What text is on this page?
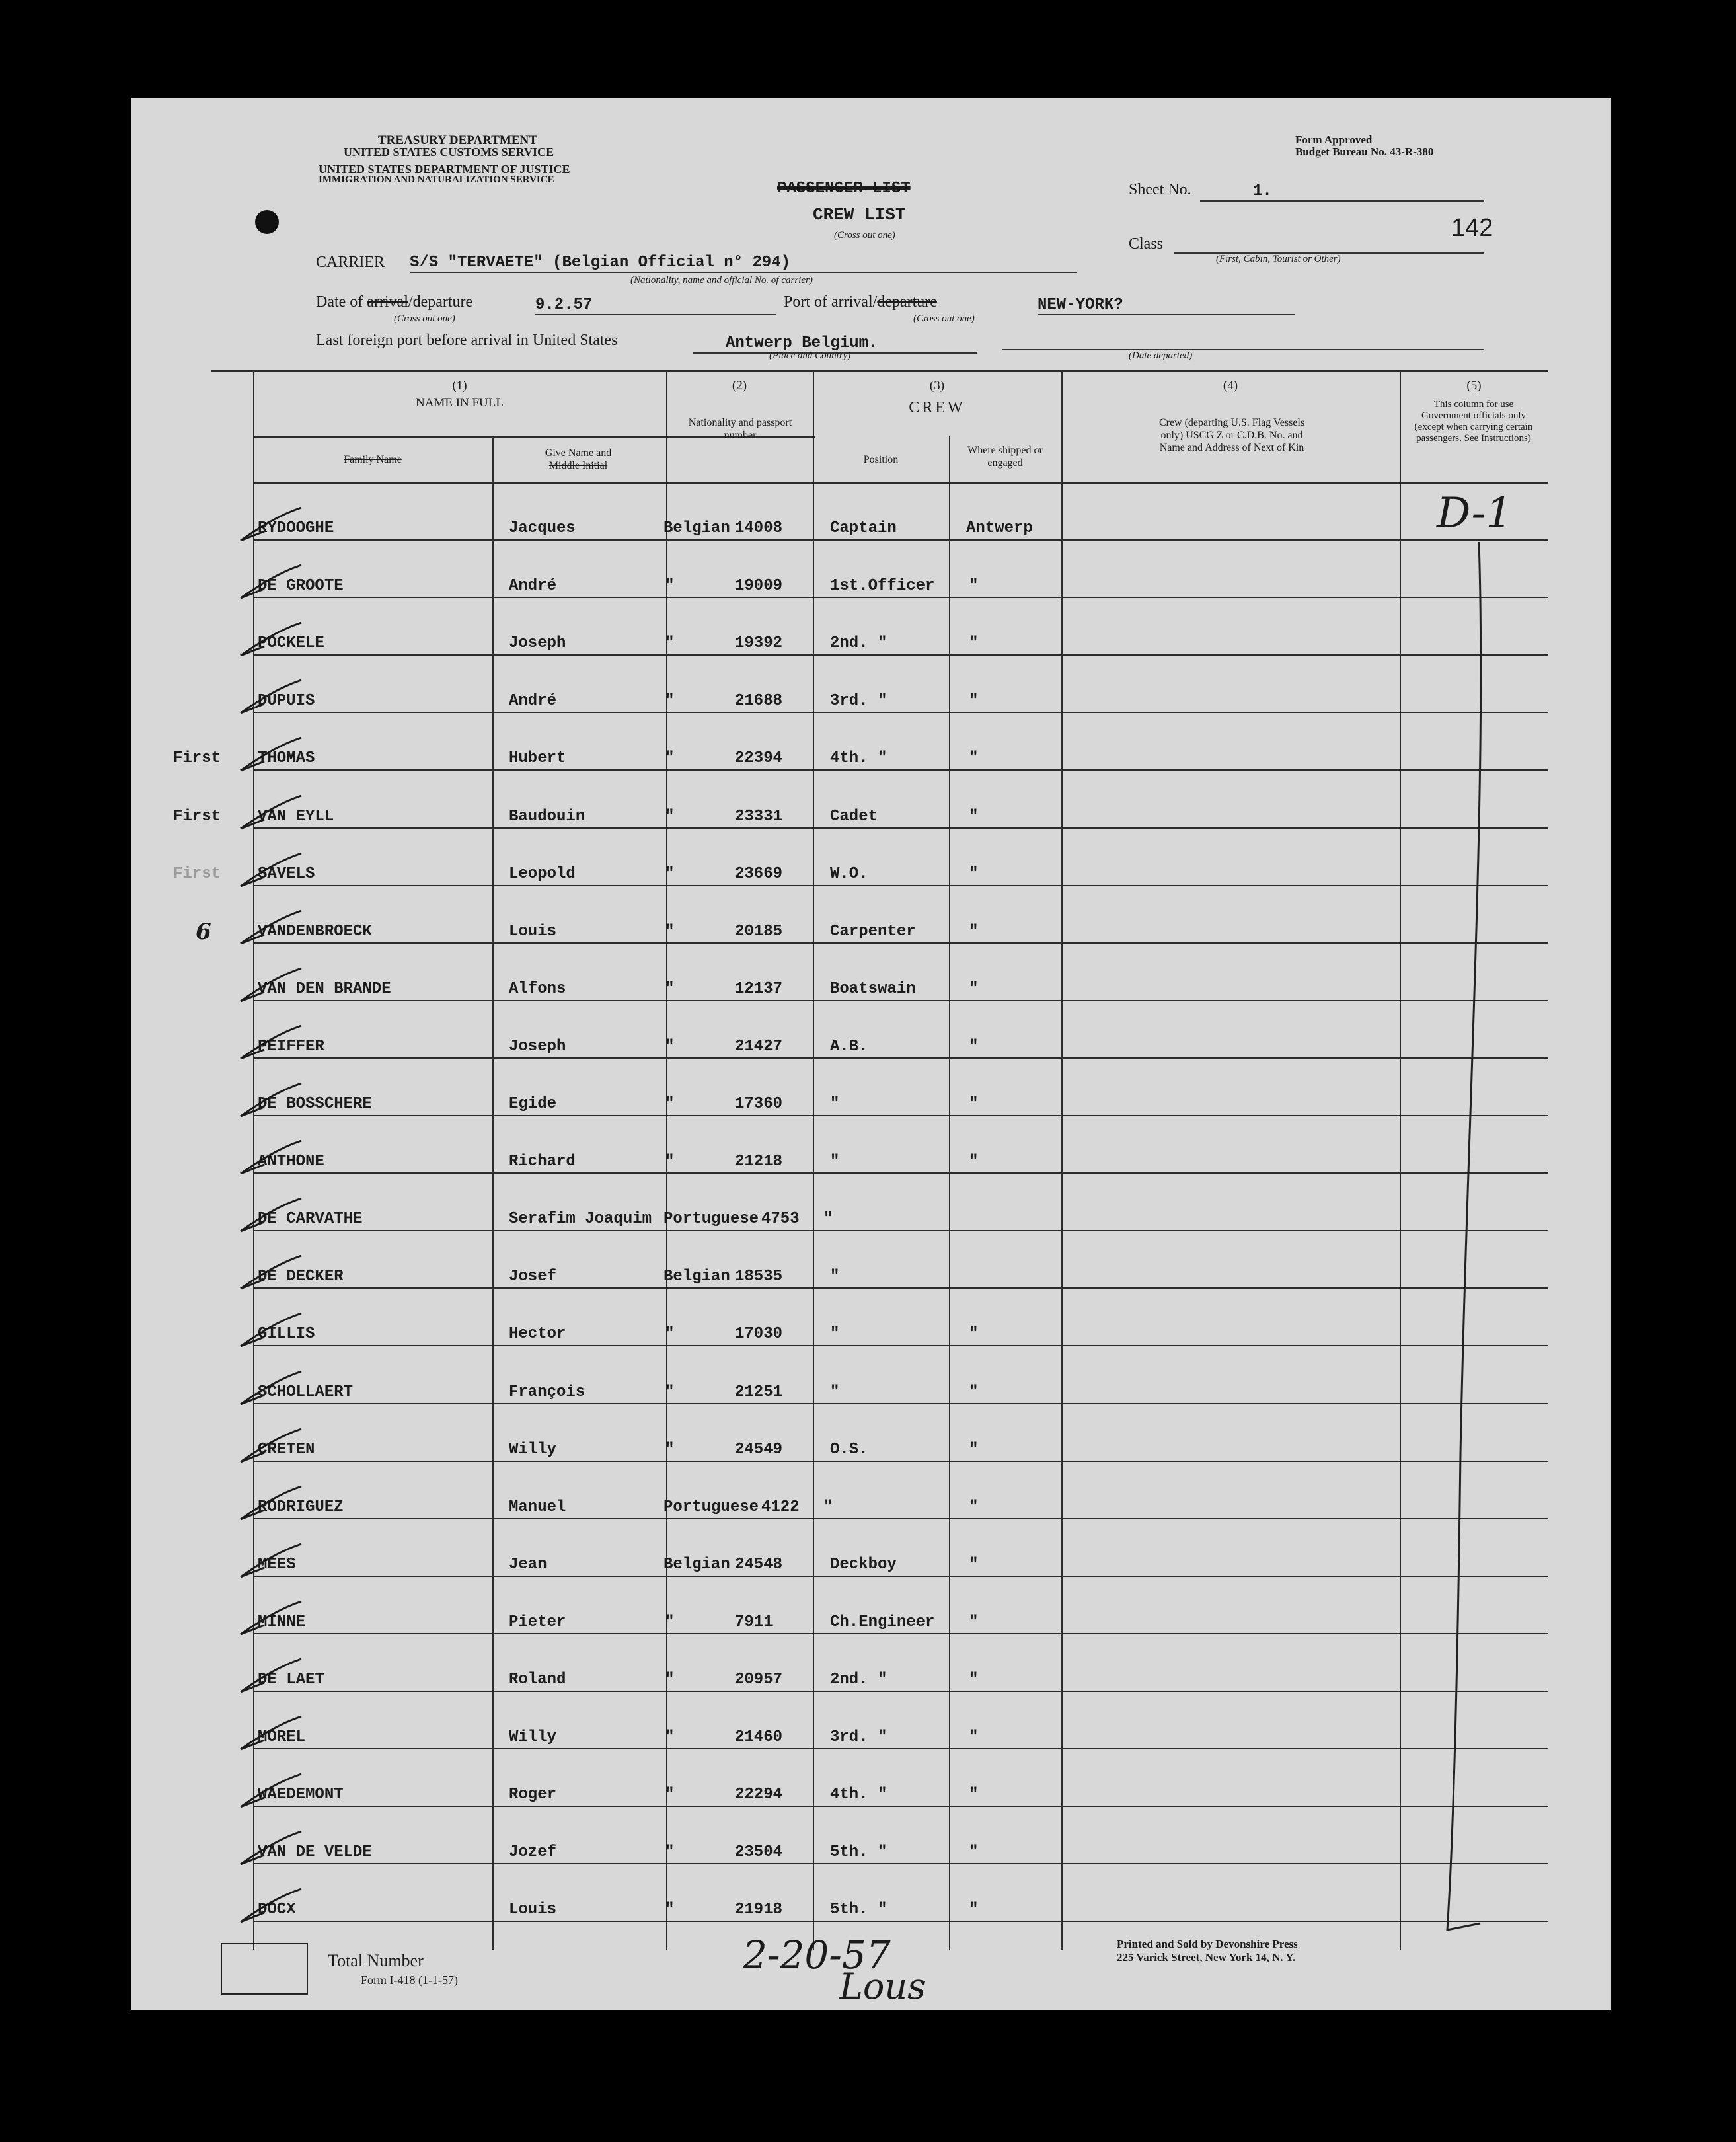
TREASURY DEPARTMENT
UNITED STATES CUSTOMS SERVICE
UNITED STATES DEPARTMENT OF JUSTICE
IMMIGRATION AND NATURALIZATION SERVICE
Form Approved
Budget Bureau No. 43-R-380
PASSENGER LIST
CREW LIST
(Cross out one)
Sheet No.	1.
142
Class
(First, Cabin, Tourist or Other)
CARRIER S/S "TERVAETE" (Belgian Official n° 294)
(Nationality, name and official No. of carrier)
Date of arrival/departure	9.2.57
(Cross out one)
Port of arrival/departure	NEW-YORK?
(Cross out one)
Last foreign port before arrival in United States	Antwerp Belgium.
(Place and Country)	(Date departed)
(1)
NAME IN FULL
Family Name
Give Name and Middle Initial
(2)
Nationality and passport number
(3)
CREW
Position
Where shipped or engaged
(4)
Crew (departing U.S. Flag Vessels only) USCG Z or C.D.B. No. and Name and Address of Next of Kin
(5)
This column for use Government officials only (except when carrying certain passengers. See Instructions)
RYDOOGHE	Jacques	Belgian 14008	Captain	Antwerp
DE GROOTE	André	"	19009	1st.Officer "
POCKELE	Joseph	"	19392	2nd. "	"
DUPUIS	André	"	21688	3rd. "	"
First THOMAS	Hubert	"	22394	4th. "	"
First VAN EYLL	Baudouin	"	23331	Cadet	"
First SAVELS	Leopold	"	23669	W.O.	"
6	VANDENBROECK	Louis	"	20185	Carpenter	"
VAN DEN BRANDE	Alfons	"	12137	Boatswain	"
PEIFFER	Joseph	"	21427	A.B.	"
DE BOSSCHERE	Egide	"	17360	"	"
ANTHONE	Richard	"	21218	"	"
DE CARVATHE	Serafim Joaquim Portuguese 4753 "
DE DECKER	Josef	Belgian 18535	"
GILLIS	Hector	"	17030	"	"
SCHOLLAERT	François	"	21251	"	"
CRETEN	Willy	"	24549	O.S.	"
RODRIGUEZ	Manuel	Portuguese 4122 "	"
MEES	Jean	Belgian 24548	Deckboy	"
MINNE	Pieter	"	7911	Ch.Engineer "
DE LAET	Roland	"	20957	2nd. "	"
MOREL	Willy	"	21460	3rd. "	"
WAEDEMONT	Roger	"	22294	4th. "	"
VAN DE VELDE	Jozef	"	23504	5th. "	"
DOCX	Louis	"	21918	5th. "	"
D-1
Total Number
Form I-418 (1-1-57)
2-20-57
Lous
Printed and Sold by Devonshire Press
225 Varick Street, New York 14, N. Y.
